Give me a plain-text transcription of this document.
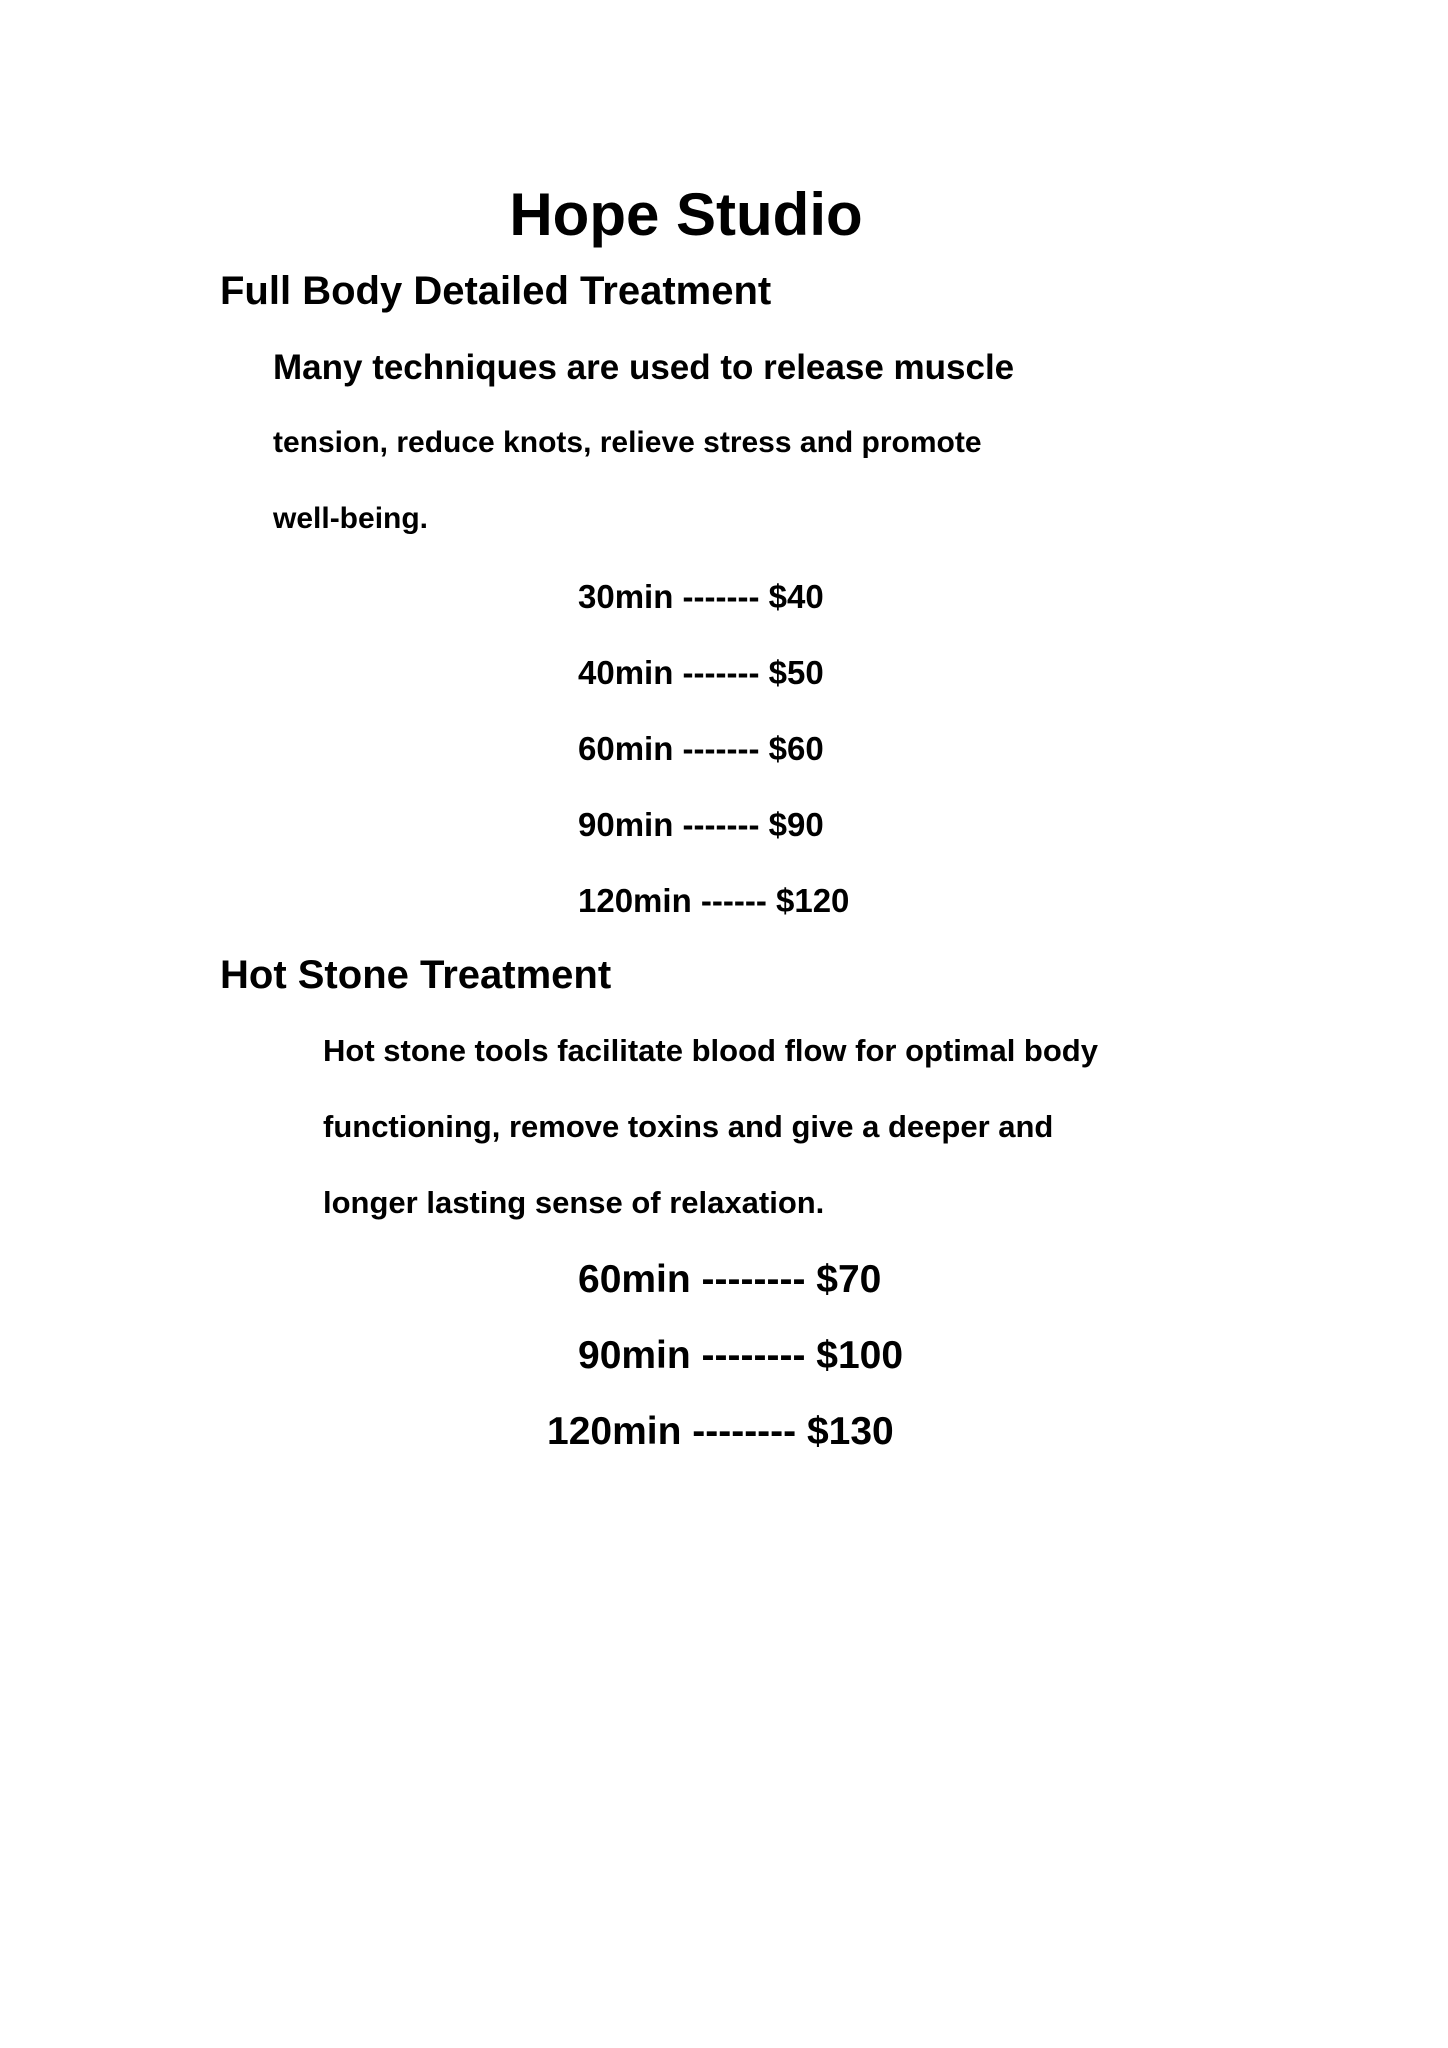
Hope Studio
Full Body Detailed Treatment
Many techniques are used to release muscle
tension, reduce knots, relieve stress and promote
well-being.
30min ------- $40
40min ------- $50
60min ------- $60
90min ------- $90
120min ------ $120
Hot Stone Treatment
Hot stone tools facilitate blood flow for optimal body
functioning, remove toxins and give a deeper and
longer lasting sense of relaxation.
60min -------- $70
90min -------- $100
120min -------- $130
